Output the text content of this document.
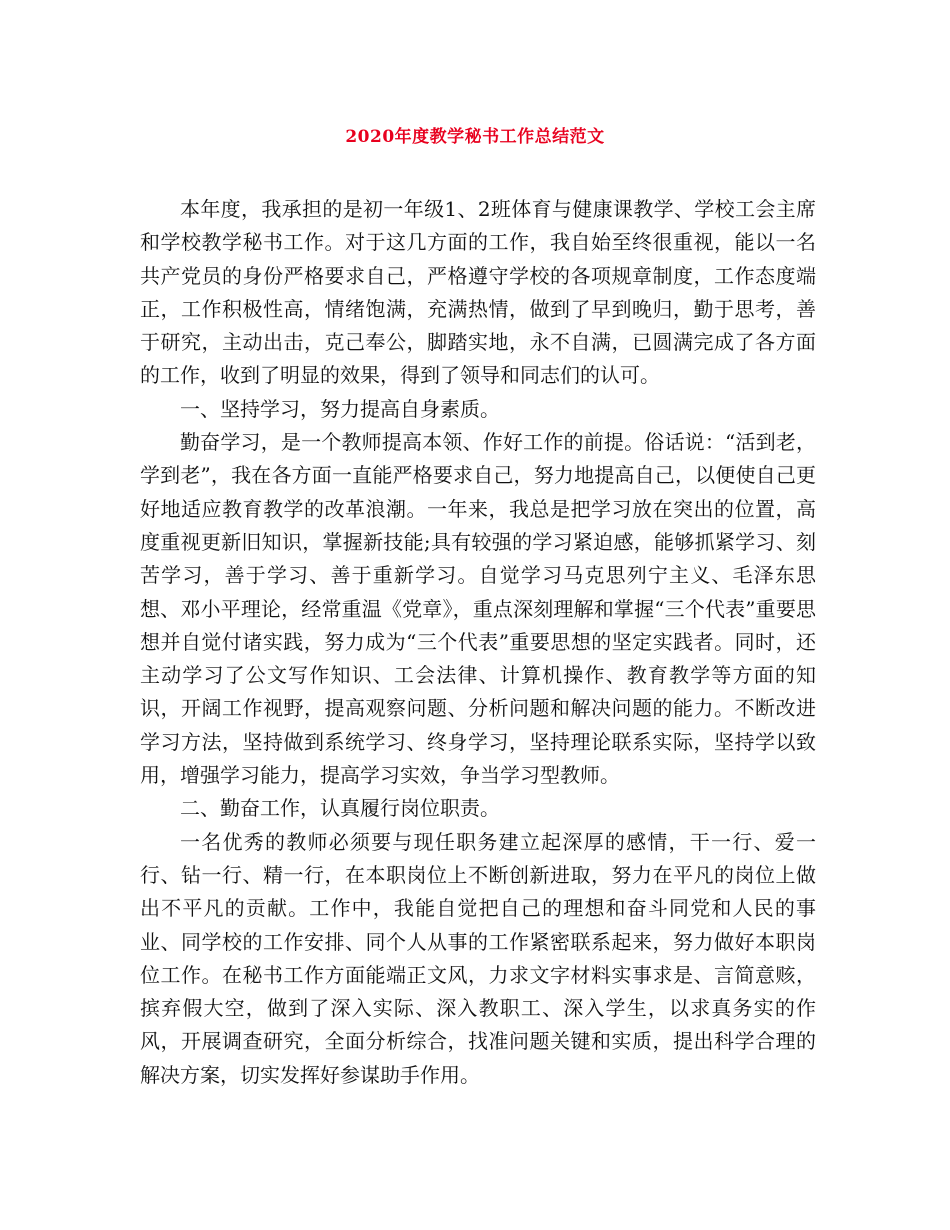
2020年度教学秘书工作总结范文

本年度，我承担的是初一年级1、2班体育与健康课教学、学校工会主席和学校教学秘书工作。对于这几方面的工作，我自始至终很重视，能以一名共产党员的身份严格要求自己，严格遵守学校的各项规章制度，工作态度端正，工作积极性高，情绪饱满，充满热情，做到了早到晚归，勤于思考，善于研究，主动出击，克己奉公，脚踏实地，永不自满，已圆满完成了各方面的工作，收到了明显的效果，得到了领导和同志们的认可。

一、坚持学习，努力提高自身素质。

勤奋学习，是一个教师提高本领、作好工作的前提。俗话说：“活到老，学到老”，我在各方面一直能严格要求自己，努力地提高自己，以便使自己更好地适应教育教学的改革浪潮。一年来，我总是把学习放在突出的位置，高度重视更新旧知识，掌握新技能;具有较强的学习紧迫感，能够抓紧学习、刻苦学习，善于学习、善于重新学习。自觉学习马克思列宁主义、毛泽东思想、邓小平理论，经常重温《党章》，重点深刻理解和掌握“三个代表”重要思想并自觉付诸实践，努力成为“三个代表”重要思想的坚定实践者。同时，还主动学习了公文写作知识、工会法律、计算机操作、教育教学等方面的知识，开阔工作视野，提高观察问题、分析问题和解决问题的能力。不断改进学习方法，坚持做到系统学习、终身学习，坚持理论联系实际，坚持学以致用，增强学习能力，提高学习实效，争当学习型教师。

二、勤奋工作，认真履行岗位职责。

一名优秀的教师必须要与现任职务建立起深厚的感情，干一行、爱一行、钻一行、精一行，在本职岗位上不断创新进取，努力在平凡的岗位上做出不平凡的贡献。工作中，我能自觉把自己的理想和奋斗同党和人民的事业、同学校的工作安排、同个人从事的工作紧密联系起来，努力做好本职岗位工作。在秘书工作方面能端正文风，力求文字材料实事求是、言简意赅，摈弃假大空，做到了深入实际、深入教职工、深入学生，以求真务实的作风，开展调查研究，全面分析综合，找准问题关键和实质，提出科学合理的解决方案，切实发挥好参谋助手作用。
